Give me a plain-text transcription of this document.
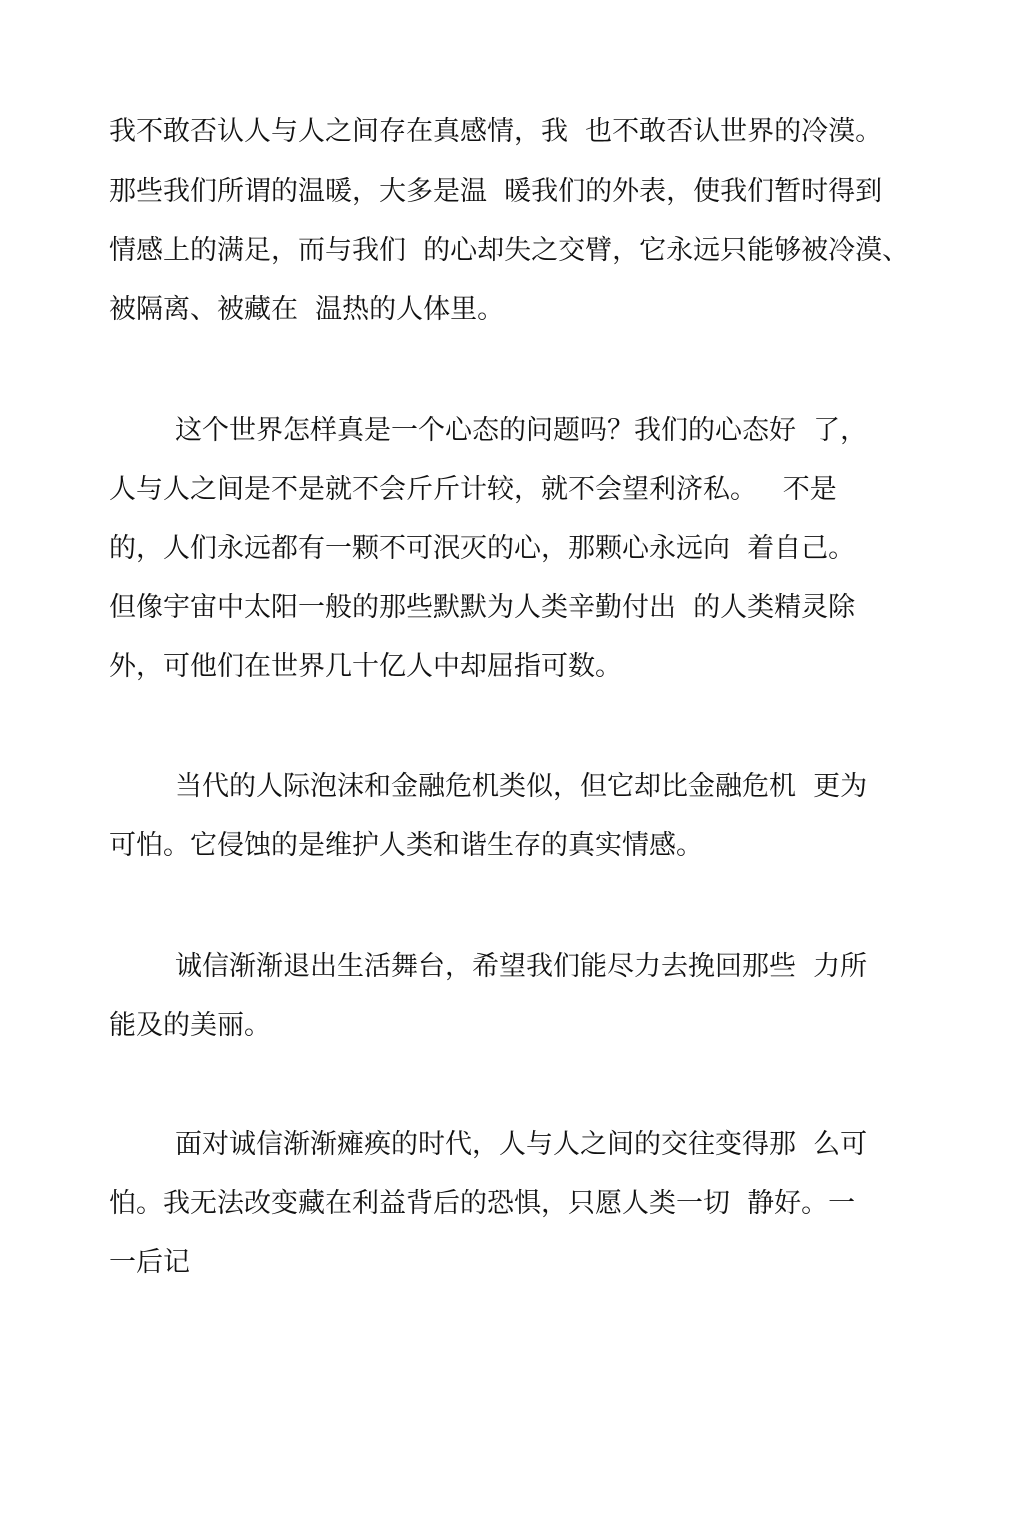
我不敢否认人与人之间存在真感情，我  也不敢否认世界的冷漠。
那些我们所谓的温暖，大多是温  暖我们的外表，使我们暂时得到
情感上的满足，而与我们  的心却失之交臂，它永远只能够被冷漠、
被隔离、被藏在  温热的人体里。
这个世界怎样真是一个心态的问题吗？我们的心态好  了，
人与人之间是不是就不会斤斤计较，就不会望利济私。   不是
的，人们永远都有一颗不可泯灭的心，那颗心永远向  着自己。
但像宇宙中太阳一般的那些默默为人类辛勤付出  的人类精灵除
外，可他们在世界几十亿人中却屈指可数。
当代的人际泡沫和金融危机类似，但它却比金融危机  更为
可怕。它侵蚀的是维护人类和谐生存的真实情感。
诚信渐渐退出生活舞台，希望我们能尽力去挽回那些  力所
能及的美丽。
面对诚信渐渐瘫痪的时代，人与人之间的交往变得那  么可
怕。我无法改变藏在利益背后的恐惧，只愿人类一切  静好。一
一后记
